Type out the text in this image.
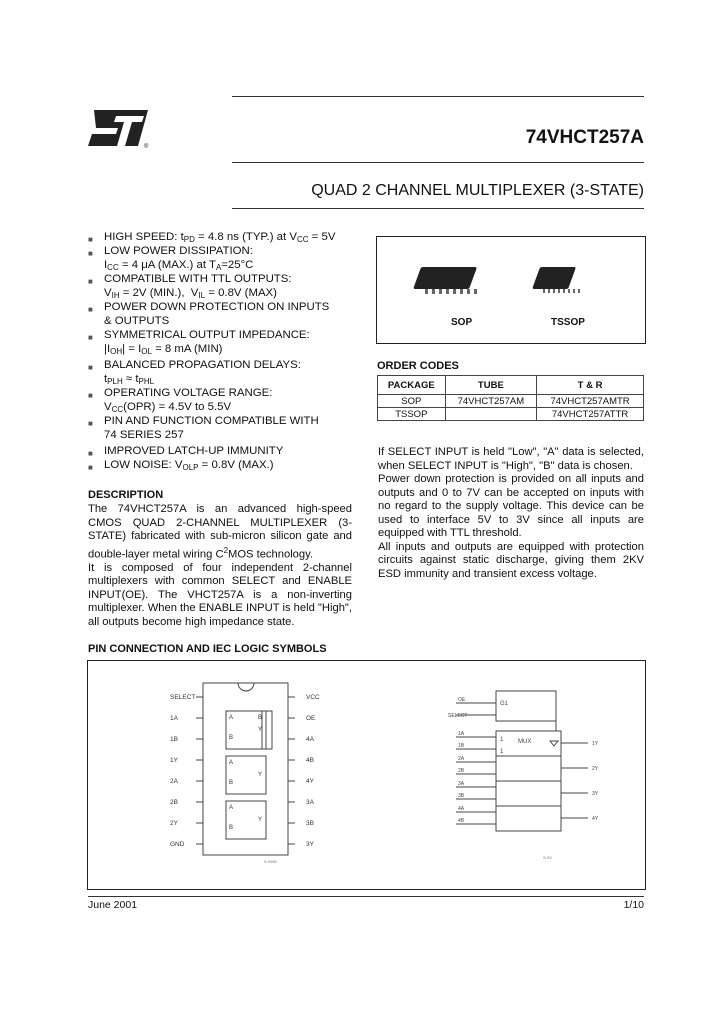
®	74VHCT257A
QUAD 2 CHANNEL MULTIPLEXER (3-STATE)
■ HIGH SPEED: $t_{PD} = 4.8$ ns (TYP.) at $V_{CC} = 5V$
■ LOW POWER DISSIPATION:
$I_{CC} = 4$ μA (MAX.) at $T_A=25^\circ C$
■ COMPATIBLE WITH TTL OUTPUTS:
$V_{IH} = 2V$ (MIN.),  $V_{IL} = 0.8V$ (MAX)
■ POWER DOWN PROTECTION ON INPUTS
& OUTPUTS
■ SYMMETRICAL OUTPUT IMPEDANCE:
$|I_{OH}| = I_{OL} = 8$ mA (MIN)
■ BALANCED PROPAGATION DELAYS:
$t_{PLH} \approx t_{PHL}$
■ OPERATING VOLTAGE RANGE:
$V_{CC}(OPR) = 4.5V$ to 5.5V
■ PIN AND FUNCTION COMPATIBLE WITH
74 SERIES 257
■ IMPROVED LATCH-UP IMMUNITY
■ LOW NOISE: $V_{OLP} = 0.8V$ (MAX.)
SOP	TSSOP
ORDER CODES
PACKAGE	TUBE	T & R
SOP	74VHCT257AM	74VHCT257AMTR
TSSOP		74VHCT257ATTR
DESCRIPTION
The 74VHCT257A is an advanced high-speed CMOS QUAD 2-CHANNEL MULTIPLEXER (3-STATE) fabricated with sub-micron silicon gate and double-layer metal wiring $C^2MOS$ technology.
It is composed of four independent 2-channel multiplexers with common SELECT and ENABLE INPUT(OE). The VHCT257A is a non-inverting multiplexer. When the ENABLE INPUT is held "High", all outputs become high impedance state.
If SELECT INPUT is held "Low", "A" data is selected, when SELECT INPUT is "High", "B" data is chosen.
Power down protection is provided on all inputs and outputs and 0 to 7V can be accepted on inputs with no regard to the supply voltage. This device can be used to interface 5V to 3V since all inputs are equipped with TTL threshold.
All inputs and outputs are equipped with protection circuits against static discharge, giving them 2KV ESD immunity and transient excess voltage.
PIN CONNECTION AND IEC LOGIC SYMBOLS
A
B
Y
A
B
Y
A
B
Y
B
SELECT
1A
1B
1Y
2A
2B
2Y
GND
VCC
OE
4A
4B
4Y
3A
3B
3Y
S-9950
G1
1
1
MUX
OE
SELECT
1A
1B
2A
2B
3A
3B
4A
4B
1Y
2Y
3Y
4Y
S-9X
June 2001	1/10
